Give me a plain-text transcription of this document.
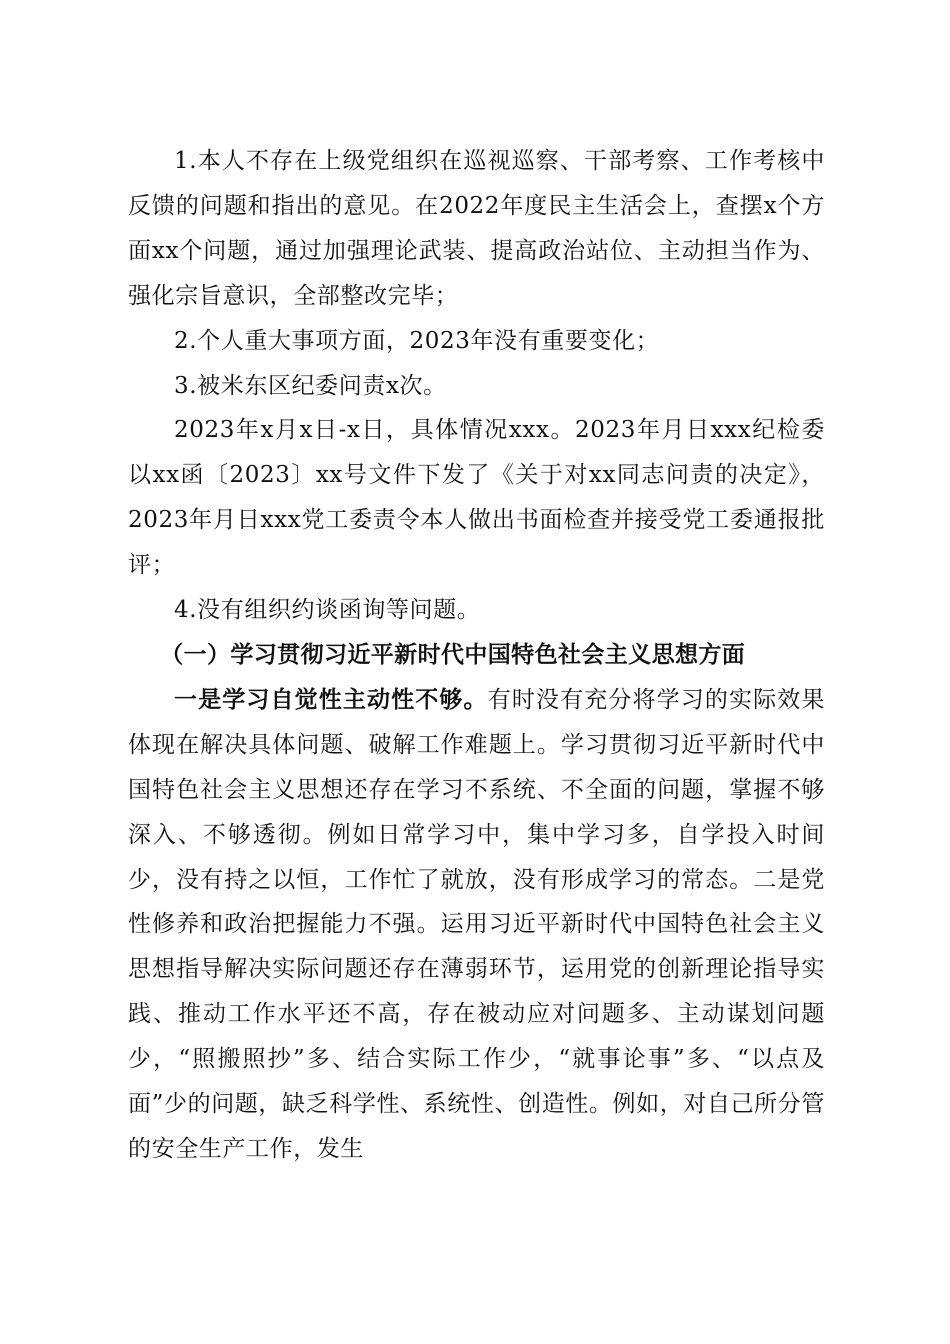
1.本人不存在上级党组织在巡视巡察、干部考察、工作考核中反馈的问题和指出的意见。在2022年度民主生活会上，查摆x个方面xx个问题，通过加强理论武装、提高政治站位、主动担当作为、强化宗旨意识，全部整改完毕；

2.个人重大事项方面，2023年没有重要变化；

3.被米东区纪委问责x次。

2023年x月x日-x日，具体情况xxx。2023年月日xxx纪检委以xx函〔2023〕xx号文件下发了《关于对xx同志问责的决定》，2023年月日xxx党工委责令本人做出书面检查并接受党工委通报批评；

4.没有组织约谈函询等问题。

（一）学习贯彻习近平新时代中国特色社会主义思想方面

一是学习自觉性主动性不够。有时没有充分将学习的实际效果体现在解决具体问题、破解工作难题上。学习贯彻习近平新时代中国特色社会主义思想还存在学习不系统、不全面的问题，掌握不够深入、不够透彻。例如日常学习中，集中学习多，自学投入时间少，没有持之以恒，工作忙了就放，没有形成学习的常态。二是党性修养和政治把握能力不强。运用习近平新时代中国特色社会主义思想指导解决实际问题还存在薄弱环节，运用党的创新理论指导实践、推动工作水平还不高，存在被动应对问题多、主动谋划问题少，“照搬照抄”多、结合实际工作少，“就事论事”多、“以点及面”少的问题，缺乏科学性、系统性、创造性。例如，对自己所分管的安全生产工作，发生
